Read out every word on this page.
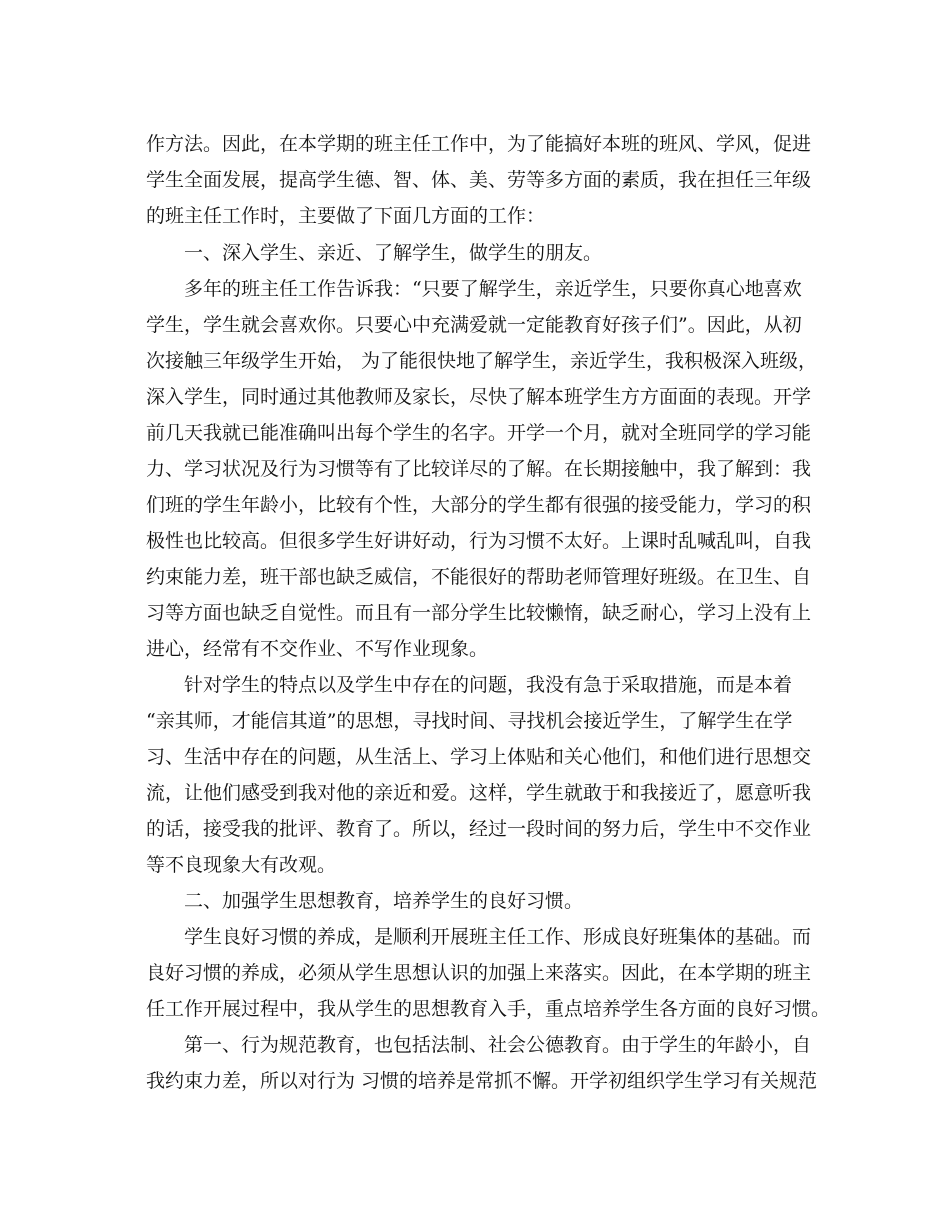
作方法。因此，在本学期的班主任工作中，为了能搞好本班的班风、学风，促进
学生全面发展，提高学生德、智、体、美、劳等多方面的素质，我在担任三年级
的班主任工作时，主要做了下面几方面的工作：
一、深入学生、亲近、了解学生，做学生的朋友。
多年的班主任工作告诉我：“只要了解学生，亲近学生，只要你真心地喜欢
学生，学生就会喜欢你。只要心中充满爱就一定能教育好孩子们”。因此，从初
次接触三年级学生开始， 为了能很快地了解学生，亲近学生，我积极深入班级，
深入学生，同时通过其他教师及家长，尽快了解本班学生方方面面的表现。开学
前几天我就已能准确叫出每个学生的名字。开学一个月，就对全班同学的学习能
力、学习状况及行为习惯等有了比较详尽的了解。在长期接触中，我了解到：我
们班的学生年龄小，比较有个性，大部分的学生都有很强的接受能力，学习的积
极性也比较高。但很多学生好讲好动，行为习惯不太好。上课时乱喊乱叫，自我
约束能力差，班干部也缺乏威信，不能很好的帮助老师管理好班级。在卫生、自
习等方面也缺乏自觉性。而且有一部分学生比较懒惰，缺乏耐心，学习上没有上
进心，经常有不交作业、不写作业现象。
针对学生的特点以及学生中存在的问题，我没有急于采取措施，而是本着
“亲其师，才能信其道”的思想，寻找时间、寻找机会接近学生，了解学生在学
习、生活中存在的问题，从生活上、学习上体贴和关心他们，和他们进行思想交
流，让他们感受到我对他的亲近和爱。这样，学生就敢于和我接近了，愿意听我
的话，接受我的批评、教育了。所以，经过一段时间的努力后，学生中不交作业
等不良现象大有改观。
二、加强学生思想教育，培养学生的良好习惯。
学生良好习惯的养成，是顺利开展班主任工作、形成良好班集体的基础。而
良好习惯的养成，必须从学生思想认识的加强上来落实。因此，在本学期的班主
任工作开展过程中，我从学生的思想教育入手，重点培养学生各方面的良好习惯。
第一、行为规范教育，也包括法制、社会公德教育。由于学生的年龄小，自
我约束力差，所以对行为 习惯的培养是常抓不懈。开学初组织学生学习有关规范
